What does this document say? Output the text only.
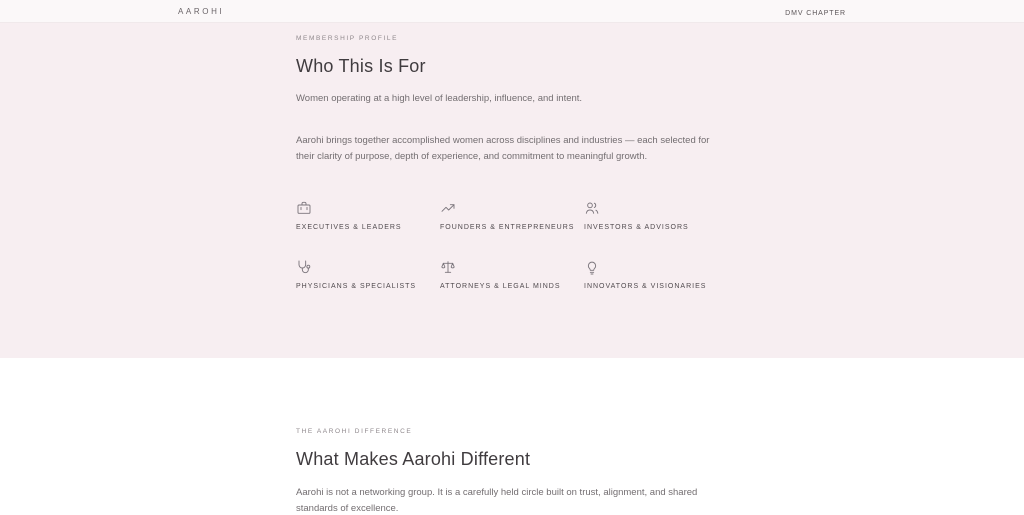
AAROHI	DMV CHAPTER
MEMBERSHIP PROFILE
Who This Is For

Women operating at a high level of leadership, influence, and intent.

Aarohi brings together accomplished women across disciplines and industries — each selected for their clarity of purpose, depth of experience, and commitment to meaningful growth.

EXECUTIVES & LEADERS	FOUNDERS & ENTREPRENEURS	INVESTORS & ADVISORS
PHYSICIANS & SPECIALISTS	ATTORNEYS & LEGAL MINDS	INNOVATORS & VISIONARIES
THE AAROHI DIFFERENCE
What Makes Aarohi Different

Aarohi is not a networking group. It is a carefully held circle built on trust, alignment, and shared standards of excellence.
